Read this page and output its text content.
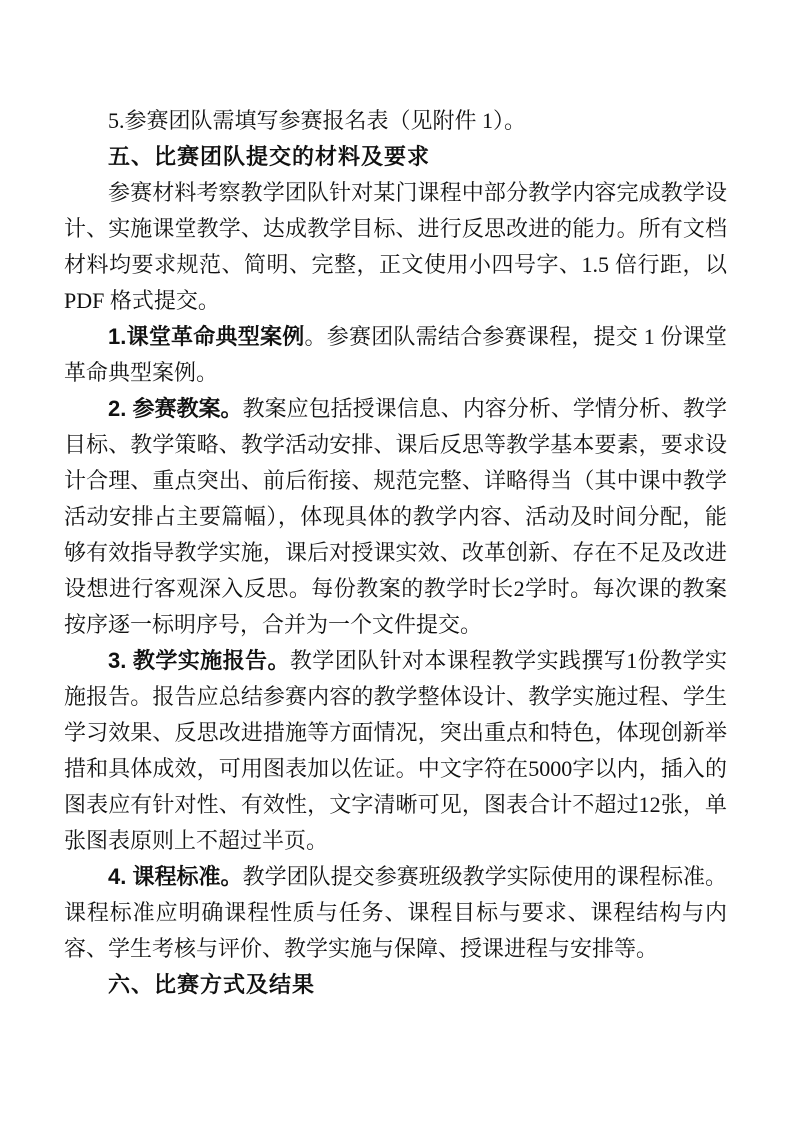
5.参赛团队需填写参赛报名表（见附件 1）。

五、比赛团队提交的材料及要求

参赛材料考察教学团队针对某门课程中部分教学内容完成教学设计、实施课堂教学、达成教学目标、进行反思改进的能力。所有文档材料均要求规范、简明、完整，正文使用小四号字、1.5 倍行距，以 PDF 格式提交。

1.课堂革命典型案例。参赛团队需结合参赛课程，提交 1 份课堂革命典型案例。

2. 参赛教案。教案应包括授课信息、内容分析、学情分析、教学目标、教学策略、教学活动安排、课后反思等教学基本要素，要求设计合理、重点突出、前后衔接、规范完整、详略得当（其中课中教学活动安排占主要篇幅），体现具体的教学内容、活动及时间分配，能够有效指导教学实施，课后对授课实效、改革创新、存在不足及改进设想进行客观深入反思。每份教案的教学时长2学时。每次课的教案按序逐一标明序号，合并为一个文件提交。

3. 教学实施报告。教学团队针对本课程教学实践撰写1份教学实施报告。报告应总结参赛内容的教学整体设计、教学实施过程、学生学习效果、反思改进措施等方面情况，突出重点和特色，体现创新举措和具体成效，可用图表加以佐证。中文字符在5000字以内，插入的图表应有针对性、有效性，文字清晰可见，图表合计不超过12张，单张图表原则上不超过半页。

4. 课程标准。教学团队提交参赛班级教学实际使用的课程标准。课程标准应明确课程性质与任务、课程目标与要求、课程结构与内容、学生考核与评价、教学实施与保障、授课进程与安排等。

六、比赛方式及结果
